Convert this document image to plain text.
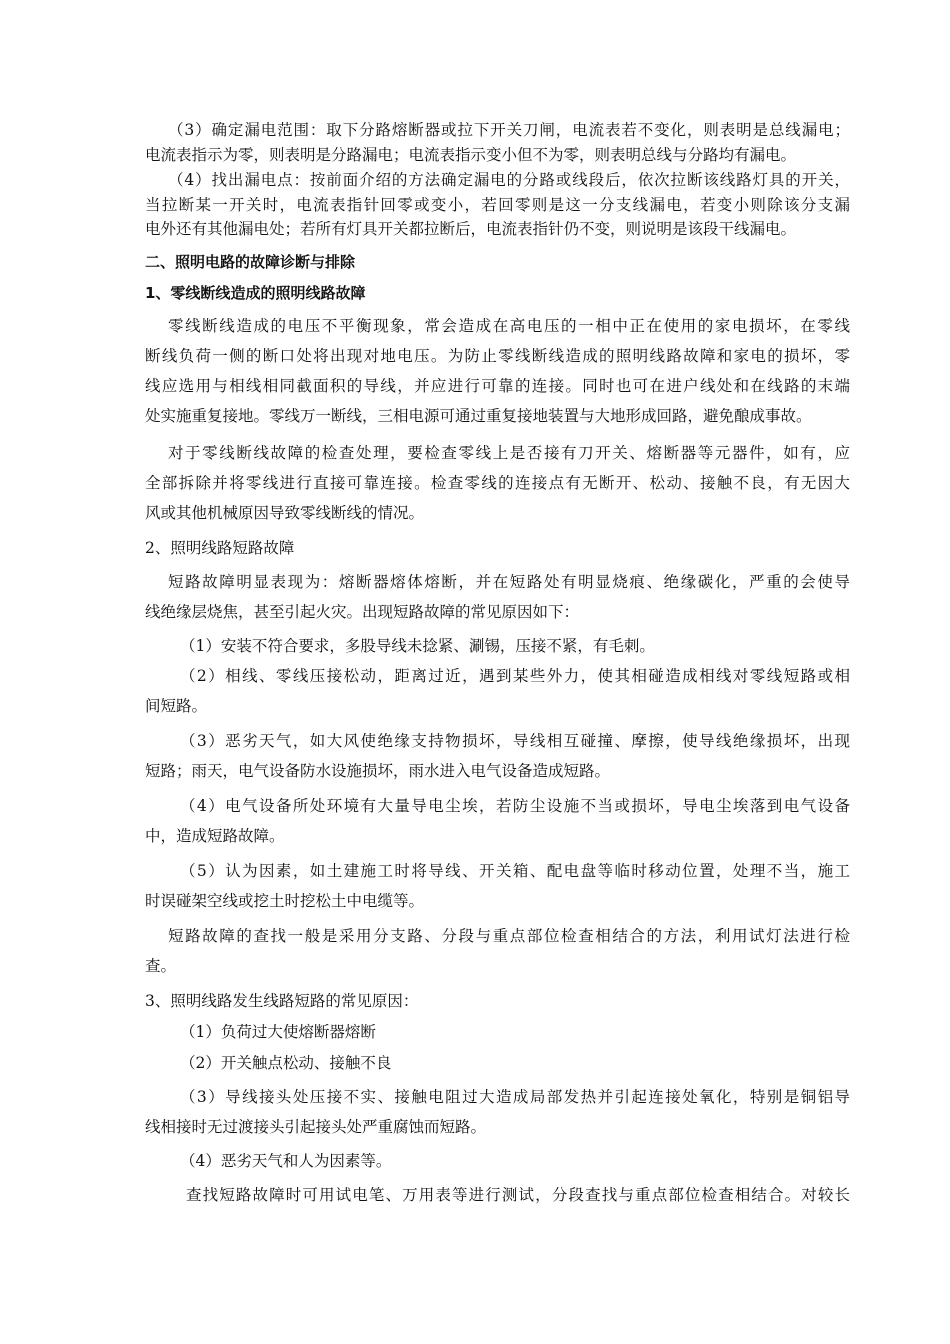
（3）确定漏电范围：取下分路熔断器或拉下开关刀闸，电流表若不变化，则表明是总线漏电；
电流表指示为零，则表明是分路漏电；电流表指示变小但不为零，则表明总线与分路均有漏电。
（4）找出漏电点：按前面介绍的方法确定漏电的分路或线段后，依次拉断该线路灯具的开关，
当拉断某一开关时，电流表指针回零或变小，若回零则是这一分支线漏电，若变小则除该分支漏
电外还有其他漏电处；若所有灯具开关都拉断后，电流表指针仍不变，则说明是该段干线漏电。
二、照明电路的故障诊断与排除
1、零线断线造成的照明线路故障
零线断线造成的电压不平衡现象，常会造成在高电压的一相中正在使用的家电损坏，在零线
断线负荷一侧的断口处将出现对地电压。为防止零线断线造成的照明线路故障和家电的损坏，零
线应选用与相线相同截面积的导线，并应进行可靠的连接。同时也可在进户线处和在线路的末端
处实施重复接地。零线万一断线，三相电源可通过重复接地装置与大地形成回路，避免酿成事故。
对于零线断线故障的检查处理，要检查零线上是否接有刀开关、熔断器等元器件，如有，应
全部拆除并将零线进行直接可靠连接。检查零线的连接点有无断开、松动、接触不良，有无因大
风或其他机械原因导致零线断线的情况。
2、照明线路短路故障
短路故障明显表现为：熔断器熔体熔断，并在短路处有明显烧痕、绝缘碳化，严重的会使导
线绝缘层烧焦，甚至引起火灾。出现短路故障的常见原因如下：
（1）安装不符合要求，多股导线未捻紧、涮锡，压接不紧，有毛刺。
（2）相线、零线压接松动，距离过近，遇到某些外力，使其相碰造成相线对零线短路或相
间短路。
（3）恶劣天气，如大风使绝缘支持物损坏，导线相互碰撞、摩擦，使导线绝缘损坏，出现
短路；雨天，电气设备防水设施损坏，雨水进入电气设备造成短路。
（4）电气设备所处环境有大量导电尘埃，若防尘设施不当或损坏，导电尘埃落到电气设备
中，造成短路故障。
（5）认为因素，如土建施工时将导线、开关箱、配电盘等临时移动位置，处理不当，施工
时误碰架空线或挖土时挖松土中电缆等。
短路故障的查找一般是采用分支路、分段与重点部位检查相结合的方法，利用试灯法进行检
查。
3、照明线路发生线路短路的常见原因：
（1）负荷过大使熔断器熔断
（2）开关触点松动、接触不良
（3）导线接头处压接不实、接触电阻过大造成局部发热并引起连接处氧化，特别是铜铝导
线相接时无过渡接头引起接头处严重腐蚀而短路。
（4）恶劣天气和人为因素等。
查找短路故障时可用试电笔、万用表等进行测试，分段查找与重点部位检查相结合。对较长
